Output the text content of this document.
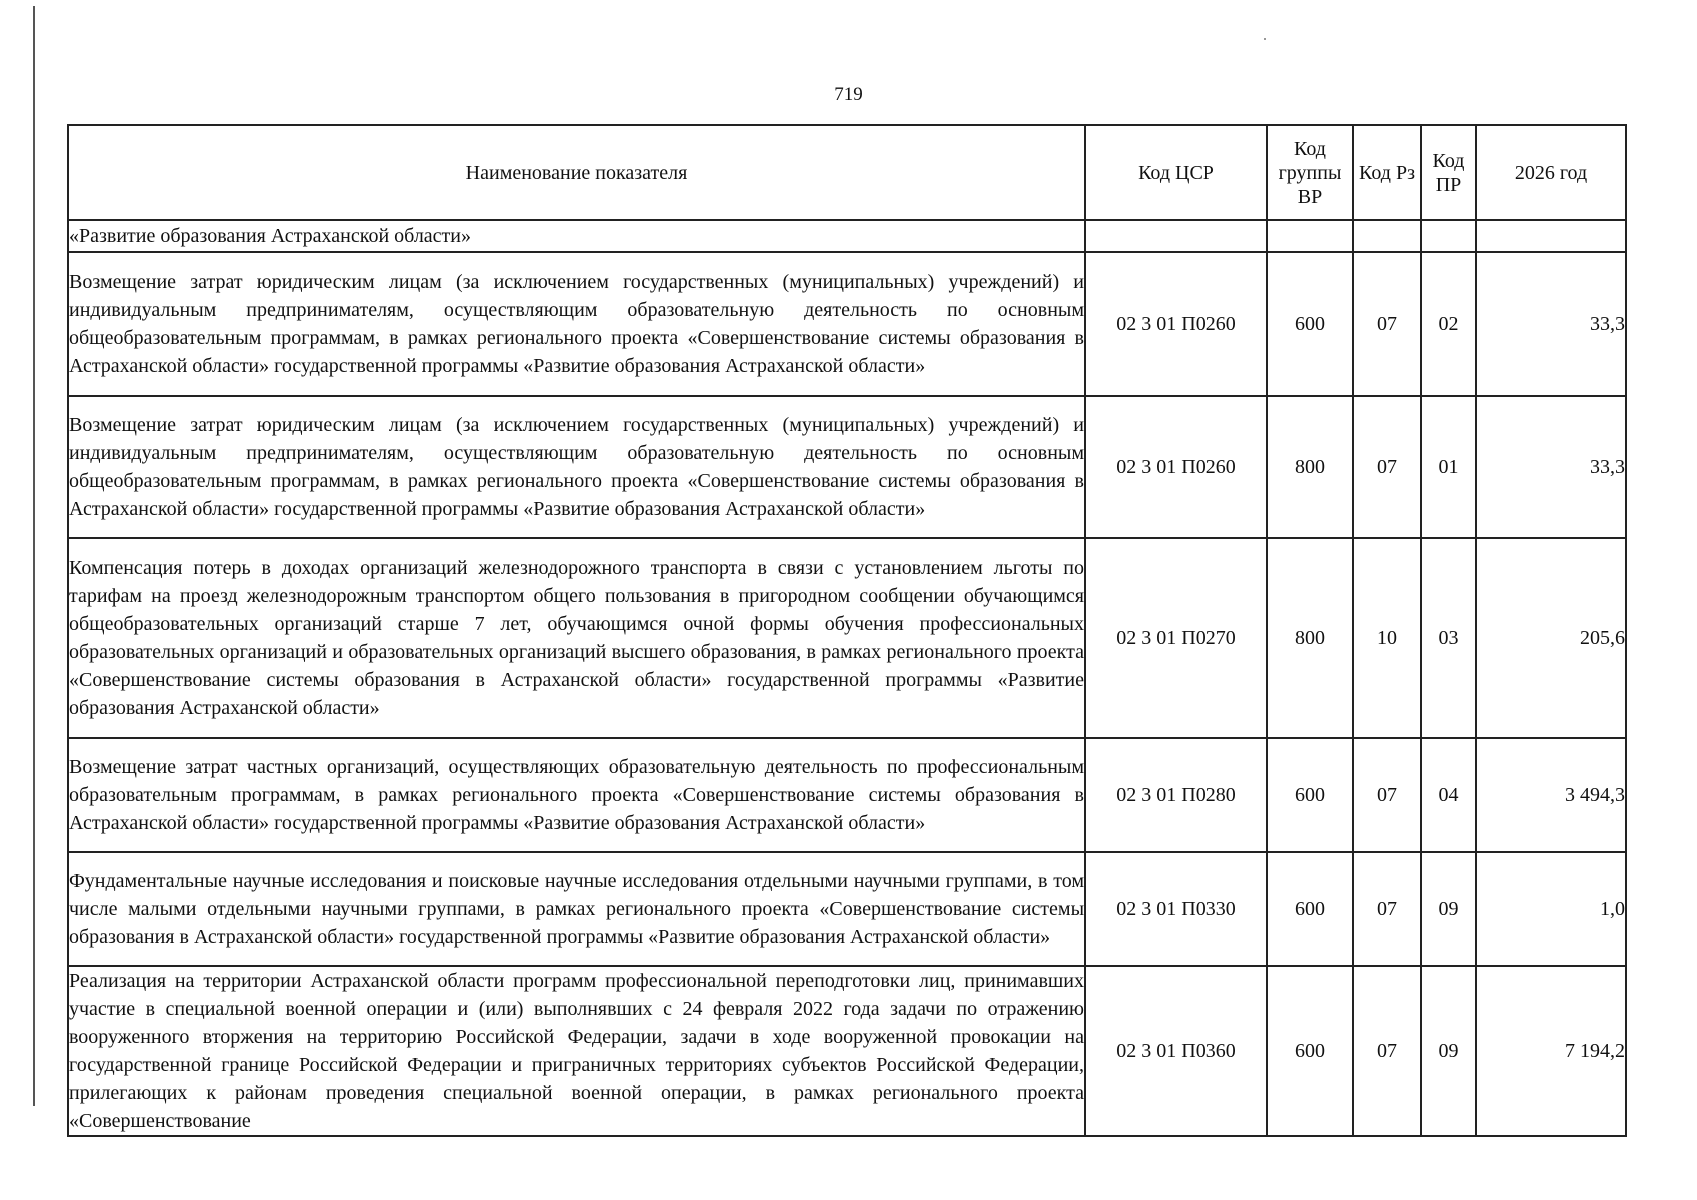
719
Наименование показателя	Код ЦСР	Код группы ВР	Код Рз	Код ПР	2026 год
«Развитие образования Астраханской области»					
Возмещение затрат юридическим лицам (за исключением государственных (муниципальных) учреждений) и индивидуальным предпринимателям, осуществляющим образовательную деятельность по основным общеобразовательным программам, в рамках регионального проекта «Совершенствование системы образования в Астраханской области» государственной программы «Развитие образования Астраханской области»	02 3 01 П0260	600	07	02	33,3
Возмещение затрат юридическим лицам (за исключением государственных (муниципальных) учреждений) и индивидуальным предпринимателям, осуществляющим образовательную деятельность по основным общеобразовательным программам, в рамках регионального проекта «Совершенствование системы образования в Астраханской области» государственной программы «Развитие образования Астраханской области»	02 3 01 П0260	800	07	01	33,3
Компенсация потерь в доходах организаций железнодорожного транспорта в связи с установлением льготы по тарифам на проезд железнодорожным транспортом общего пользования в пригородном сообщении обучающимся общеобразовательных организаций старше 7 лет, обучающимся очной формы обучения профессиональных образовательных организаций и образовательных организаций высшего образования, в рамках регионального проекта «Совершенствование системы образования в Астраханской области» государственной программы «Развитие образования Астраханской области»	02 3 01 П0270	800	10	03	205,6
Возмещение затрат частных организаций, осуществляющих образовательную деятельность по профессиональным образовательным программам, в рамках регионального проекта «Совершенствование системы образования в Астраханской области» государственной программы «Развитие образования Астраханской области»	02 3 01 П0280	600	07	04	3 494,3
Фундаментальные научные исследования и поисковые научные исследования отдельными научными группами, в том числе малыми отдельными научными группами, в рамках регионального проекта «Совершенствование системы образования в Астраханской области» государственной программы «Развитие образования Астраханской области»	02 3 01 П0330	600	07	09	1,0
Реализация на территории Астраханской области программ профессиональной переподготовки лиц, принимавших участие в специальной военной операции и (или) выполнявших с 24 февраля 2022 года задачи по отражению вооруженного вторжения на территорию Российской Федерации, задачи в ходе вооруженной провокации на государственной границе Российской Федерации и приграничных территориях субъектов Российской Федерации, прилегающих к районам проведения специальной военной операции, в рамках регионального проекта «Совершенствование	02 3 01 П0360	600	07	09	7 194,2
